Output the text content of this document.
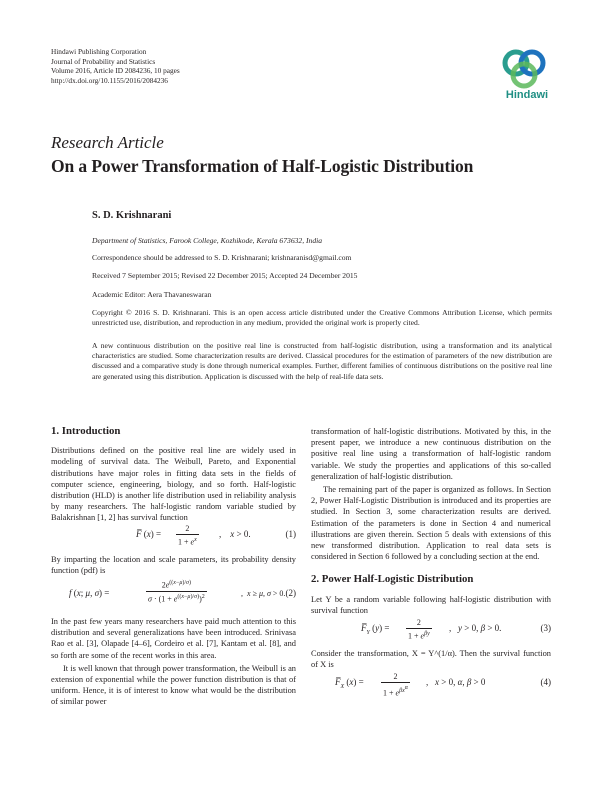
Hindawi Publishing Corporation
Journal of Probability and Statistics
Volume 2016, Article ID 2084236, 10 pages
http://dx.doi.org/10.1155/2016/2084236
Hindawi
Research Article
On a Power Transformation of Half-Logistic Distribution
S. D. Krishnarani
Department of Statistics, Farook College, Kozhikode, Kerala 673632, India
Correspondence should be addressed to S. D. Krishnarani; krishnaranisd@gmail.com
Received 7 September 2015; Revised 22 December 2015; Accepted 24 December 2015
Academic Editor: Aera Thavaneswaran
Copyright © 2016 S. D. Krishnarani. This is an open access article distributed under the Creative Commons Attribution License, which permits unrestricted use, distribution, and reproduction in any medium, provided the original work is properly cited.
A new continuous distribution on the positive real line is constructed from half-logistic distribution, using a transformation and its analytical characteristics are studied. Some characterization results are derived. Classical procedures for the estimation of parameters of the new distribution are discussed and a comparative study is done through numerical examples. Further, different families of continuous distributions on the positive real line are generated using this distribution. Application is discussed with the help of real-life data sets.
1. Introduction

Distributions defined on the positive real line are widely used in modeling of survival data. The Weibull, Pareto, and Exponential distributions have major roles in fitting data sets in the fields of computer science, engineering, biology, and so forth. Half-logistic distribution (HLD) is another life distribution used in reliability analysis by many researchers. The half-logistic random variable studied by Balakrishnan [1, 2] has survival function

F̅ $(x) = \frac{2}{1 + e^x}$ ,    x > 0.	(1)

By imparting the location and scale parameters, its probability density function (pdf) is

f (x; μ, σ) =	$\frac{2e^{((x-\mu)/\sigma)}}{\sigma \cdot (1 + e^{((x-\mu)/\sigma)})^2}$	,  x ≥ μ, σ > 0. (2)

In the past few years many researchers have paid much attention to this distribution and several generalizations have been introduced. Srinivasa Rao et al. [3], Olapade [4–6], Cordeiro et al. [7], Kantam et al. [8], and so forth are some of the recent works in this area.

It is well known that through power transformation, the Weibull is an extension of exponential while the power function distribution is that of uniform. Hence, it is of interest to know what would be the distribution of similar power

transformation of half-logistic distributions. Motivated by this, in the present paper, we introduce a new continuous distribution on the positive real line using a transformation of half-logistic random variable. We study the properties and applications of this so-called generalization of half-logistic distribution.

The remaining part of the paper is organized as follows. In Section 2, Power Half-Logistic Distribution is introduced and its properties are studied. In Section 3, some characterization results are derived. Estimation of the parameters is done in Section 4 and numerical illustrations are given therein. Section 5 deals with extensions of this new transformed distribution. Application to real data sets is considered in Section 6 followed by a concluding section at the end.

2. Power Half-Logistic Distribution

Let Y be a random variable following half-logistic distribution with survival function

$F̅_Y$ (y) =
2
$1 + e^{\beta y}$
,   y > 0, β > 0.	(3)

Consider the transformation, X = Y^(1/α). Then the survival function of X is

$F̅_X$ (x) =
2
$1 + e^{\beta x^\alpha}$
,   x > 0, α, β > 0	(4)
